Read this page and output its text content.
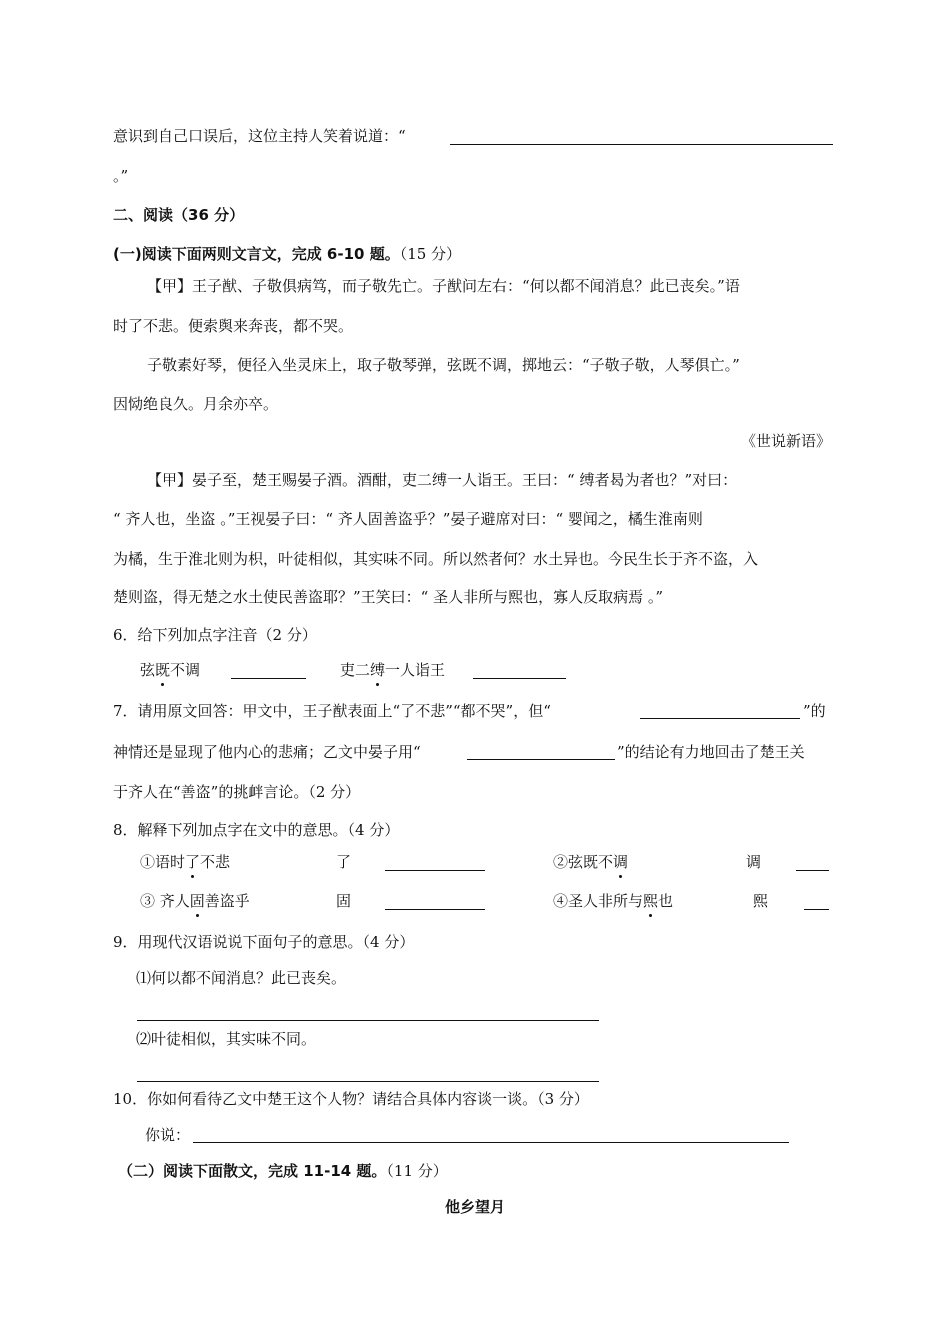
意识到自己口误后，这位主持人笑着说道：“
。”
二、阅读（36 分）
(一)阅读下面两则文言文，完成 6-10 题。（15 分）
【甲】王子猷、子敬俱病笃，而子敬先亡。子猷问左右：“何以都不闻消息？此已丧矣。”语
时了不悲。便索舆来奔丧，都不哭。
子敬素好琴，便径入坐灵床上，取子敬琴弹，弦既不调，掷地云：“子敬子敬，人琴俱亡。”
因恸绝良久。月余亦卒。
《世说新语》
【甲】晏子至，楚王赐晏子酒。酒酣，吏二缚一人诣王。王曰：“ 缚者曷为者也？”对曰：
“ 齐人也，坐盗 。”王视晏子曰：“ 齐人固善盗乎？”晏子避席对曰：“ 婴闻之，橘生淮南则
为橘，生于淮北则为枳，叶徒相似，其实味不同。所以然者何？水土异也。今民生长于齐不盗，入
楚则盗，得无楚之水土使民善盗耶？”王笑曰：“ 圣人非所与熙也，寡人反取病焉 。”
6．给下列加点字注音（2 分）
弦既不调	吏二缚一人诣王
7．请用原文回答：甲文中，王子猷表面上“了不悲”“都不哭”，但“	”的
神情还是显现了他内心的悲痛；乙文中晏子用“	”的结论有力地回击了楚王关
于齐人在“善盗”的挑衅言论。（2 分）
8．解释下列加点字在文中的意思。（4 分）
①语时了不悲	了	②弦既不调	调
③ 齐人固善盗乎	固	④圣人非所与熙也	熙
9．用现代汉语说说下面句子的意思。（4 分）
⑴何以都不闻消息？此已丧矣。
⑵叶徒相似，其实味不同。
10．你如何看待乙文中楚王这个人物？请结合具体内容谈一谈。（3 分）
你说：
（二）阅读下面散文，完成 11-14 题。（11 分）
他乡望月
